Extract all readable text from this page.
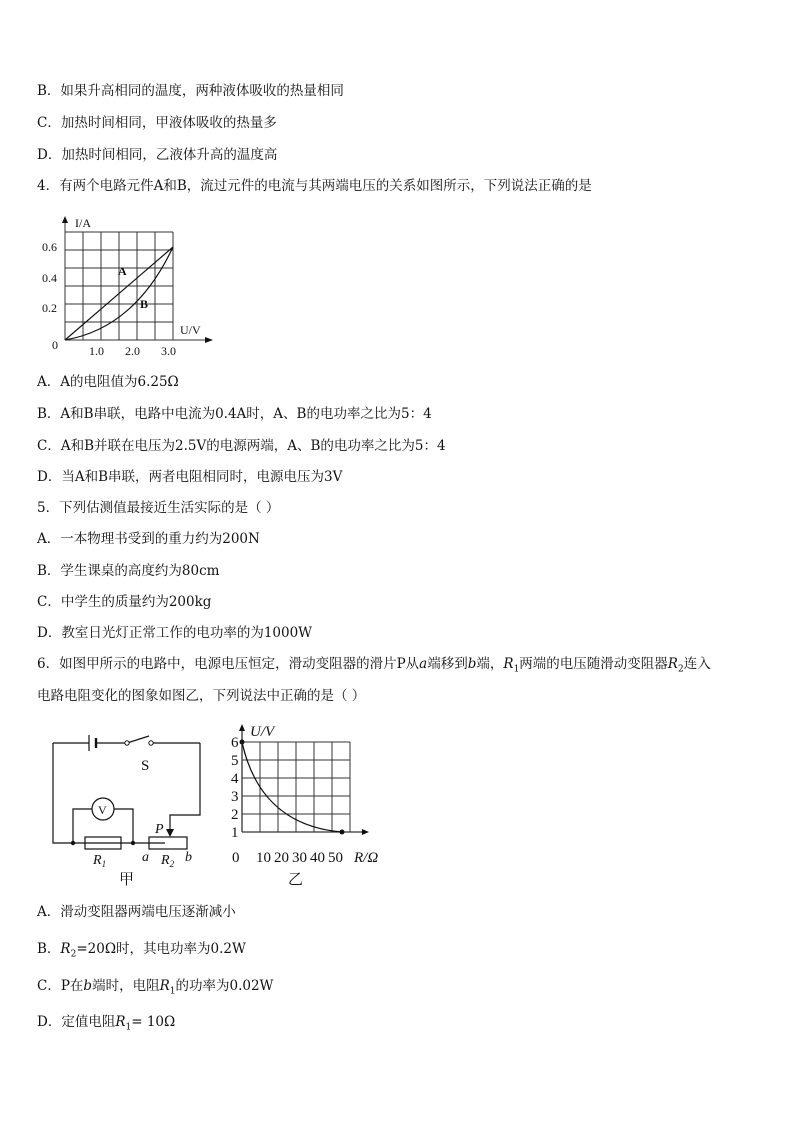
B．如果升高相同的温度，两种液体吸收的热量相同
C．加热时间相同，甲液体吸收的热量多
D．加热时间相同，乙液体升高的温度高
4．有两个电路元件A和B，流过元件的电流与其两端电压的关系如图所示，下列说法正确的是
I/A
U/V
0
0.2
0.4
0.6
1.0 2.0 3.0
A
B
A．A的电阻值为6.25Ω
B．A和B串联，电路中电流为0.4A时，A、B的电功率之比为5：4
C．A和B并联在电压为2.5V的电源两端，A、B的电功率之比为5：4
D．当A和B串联，两者电阻相同时，电源电压为3V
5．下列估测值最接近生活实际的是（ ）
A．一本物理书受到的重力约为200N
B．学生课桌的高度约为80cm
C．中学生的质量约为200kg
D．教室日光灯正常工作的电功率的为1000W
6．如图甲所示的电路中，电源电压恒定，滑动变阻器的滑片P从a端移到b端，$R_1$两端的电压随滑动变阻器$R_2$连入
电路电阻变化的图象如图乙，下列说法中正确的是（ ）
S
V
P
$R_1$	a $R_2$ b
甲
U/V
R/Ω
0
1
2
3
4
5
6
10 20 30 40 50
乙
A．滑动变阻器两端电压逐渐减小
B．$R_2=20\Omega$时，其电功率为0.2W
C．P在b端时，电阻$R_1$的功率为0.02W
D．定值电阻$R_1= 10\Omega$
